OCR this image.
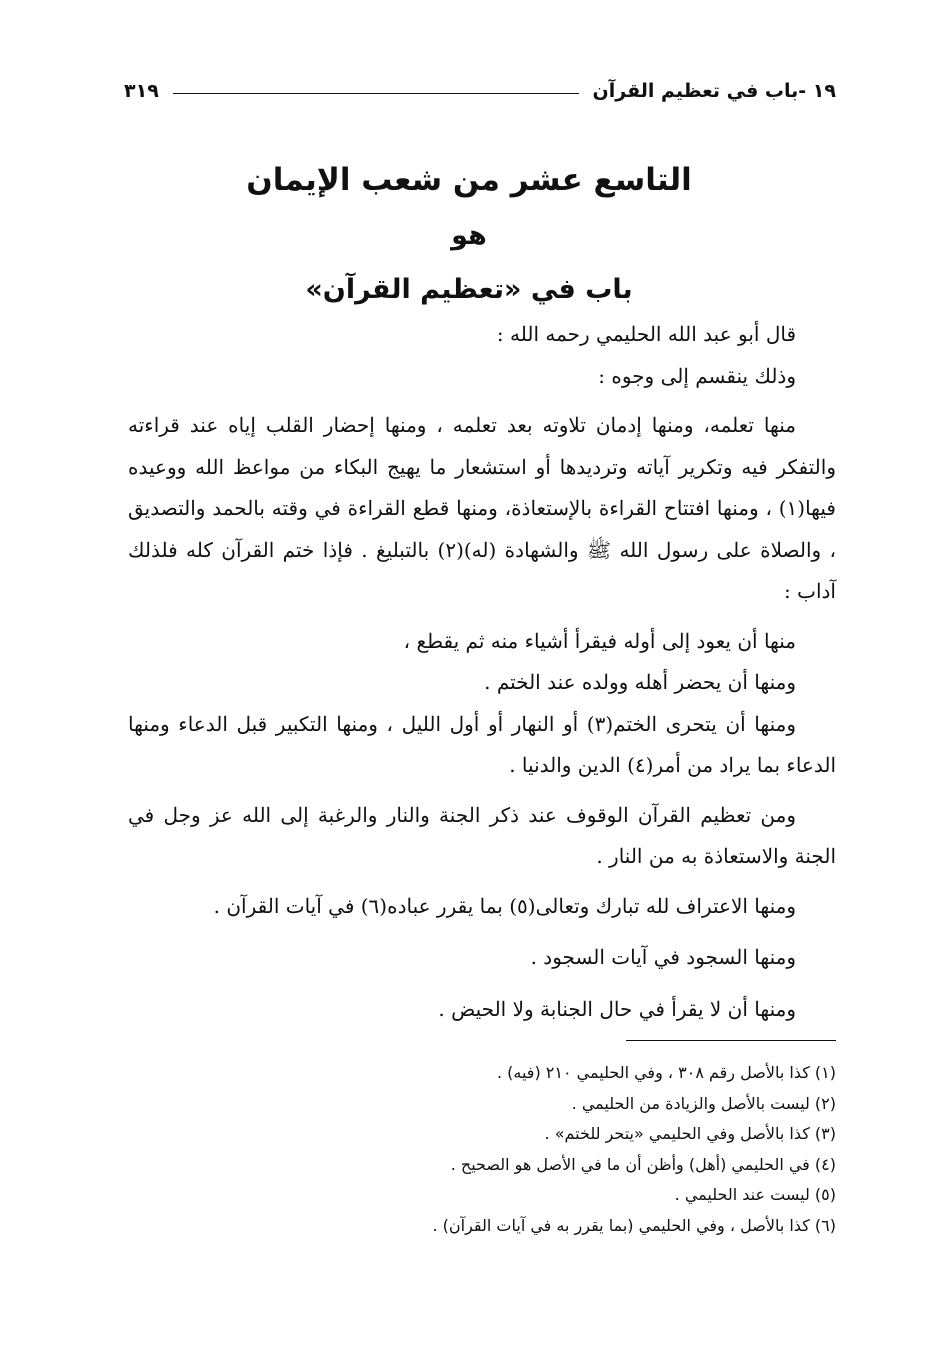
١٩ -باب في تعظيم القرآن
٣١٩
التاسع عشر من شعب الإيمان
هو
باب في «تعظيم القرآن»

قال أبو عبد الله الحليمي رحمه الله :

وذلك ينقسم إلى وجوه :

منها تعلمه، ومنها إدمان تلاوته بعد تعلمه ، ومنها إحضار القلب إياه عند قراءته والتفكر فيه وتكرير آياته وترديدها أو استشعار ما يهيج البكاء من مواعظ الله ووعيده فيها(١) ، ومنها افتتاح القراءة بالإستعاذة، ومنها قطع القراءة في وقته بالحمد والتصديق ، والصلاة على رسول الله ﷺ والشهادة (له)(٢) بالتبليغ . فإذا ختم القرآن كله فلذلك آداب :

منها أن يعود إلى أوله فيقرأ أشياء منه ثم يقطع ،

ومنها أن يحضر أهله وولده عند الختم .

ومنها أن يتحرى الختم(٣) أو النهار أو أول الليل ، ومنها التكبير قبل الدعاء ومنها الدعاء بما يراد من أمر(٤) الدين والدنيا .

ومن تعظيم القرآن الوقوف عند ذكر الجنة والنار والرغبة إلى الله عز وجل في الجنة والاستعاذة به من النار .

ومنها الاعتراف لله تبارك وتعالى(٥) بما يقرر عباده(٦) في آيات القرآن .

ومنها السجود في آيات السجود .

ومنها أن لا يقرأ في حال الجنابة ولا الحيض .

(١) كذا بالأصل رقم ٣٠٨ ، وفي الحليمي ٢١٠ (فيه) .

(٢) ليست بالأصل والزيادة من الحليمي .

(٣) كذا بالأصل وفي الحليمي «يتحر للختم» .

(٤) في الحليمي (أهل) وأظن أن ما في الأصل هو الصحيح .

(٥) ليست عند الحليمي .

(٦) كذا بالأصل ، وفي الحليمي (بما يقرر به في آيات القرآن) .
